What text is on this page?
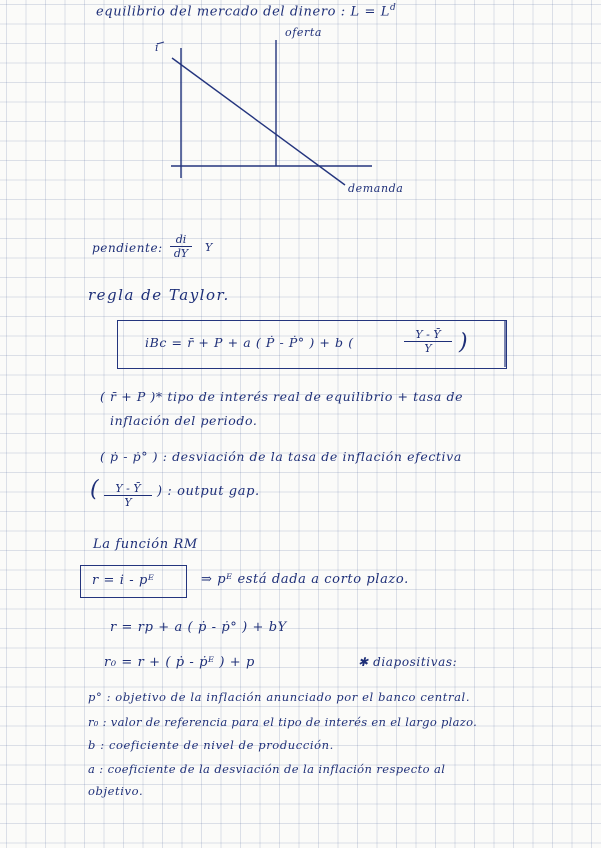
equilibrio del mercado del dinero : $L = L^d$
i
oferta
demanda
pendiente: $\frac{di}{dY}$ Y
regla de Taylor.
iBc = r̄ + P + a ( Ṗ - Ṗ° ) + b (	$\frac{Y - Ȳ}{Y}$ )
( r̄ + P )* tipo de interés real de equilibrio + tasa de
inflación del periodo.
( ṗ - ṗ° ) : desviación de la tasa de inflación efectiva
( $\frac{Y - Ȳ}{Y}$ ) : output gap.
La función RM
r = i - pᴱ	⇒ pᴱ está dada a corto plazo.
r = rp + a ( ṗ - ṗ° ) + bY
r₀ = r + ( ṗ - ṗᴱ ) + p	✱ diapositivas:
p° : objetivo de la inflación anunciado por el banco central.
r₀ : valor de referencia para el tipo de interés en el largo plazo.
b : coeficiente de nivel de producción.
a : coeficiente de la desviación de la inflación respecto al
objetivo.
